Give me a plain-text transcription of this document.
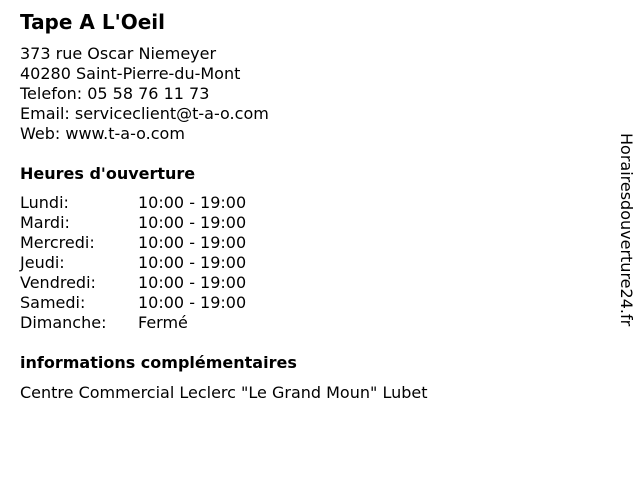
Tape A L'Oeil
373 rue Oscar Niemeyer
40280 Saint-Pierre-du-Mont
Telefon: 05 58 76 11 73
Email: serviceclient@t-a-o.com
Web: www.t-a-o.com
Heures d'ouverture
Lundi:	10:00 - 19:00
Mardi:	10:00 - 19:00
Mercredi:	10:00 - 19:00
Jeudi:	10:00 - 19:00
Vendredi:	10:00 - 19:00
Samedi:	10:00 - 19:00
Dimanche:	Fermé
informations complémentaires
Centre Commercial Leclerc "Le Grand Moun" Lubet
Horairesdouverture24.fr
